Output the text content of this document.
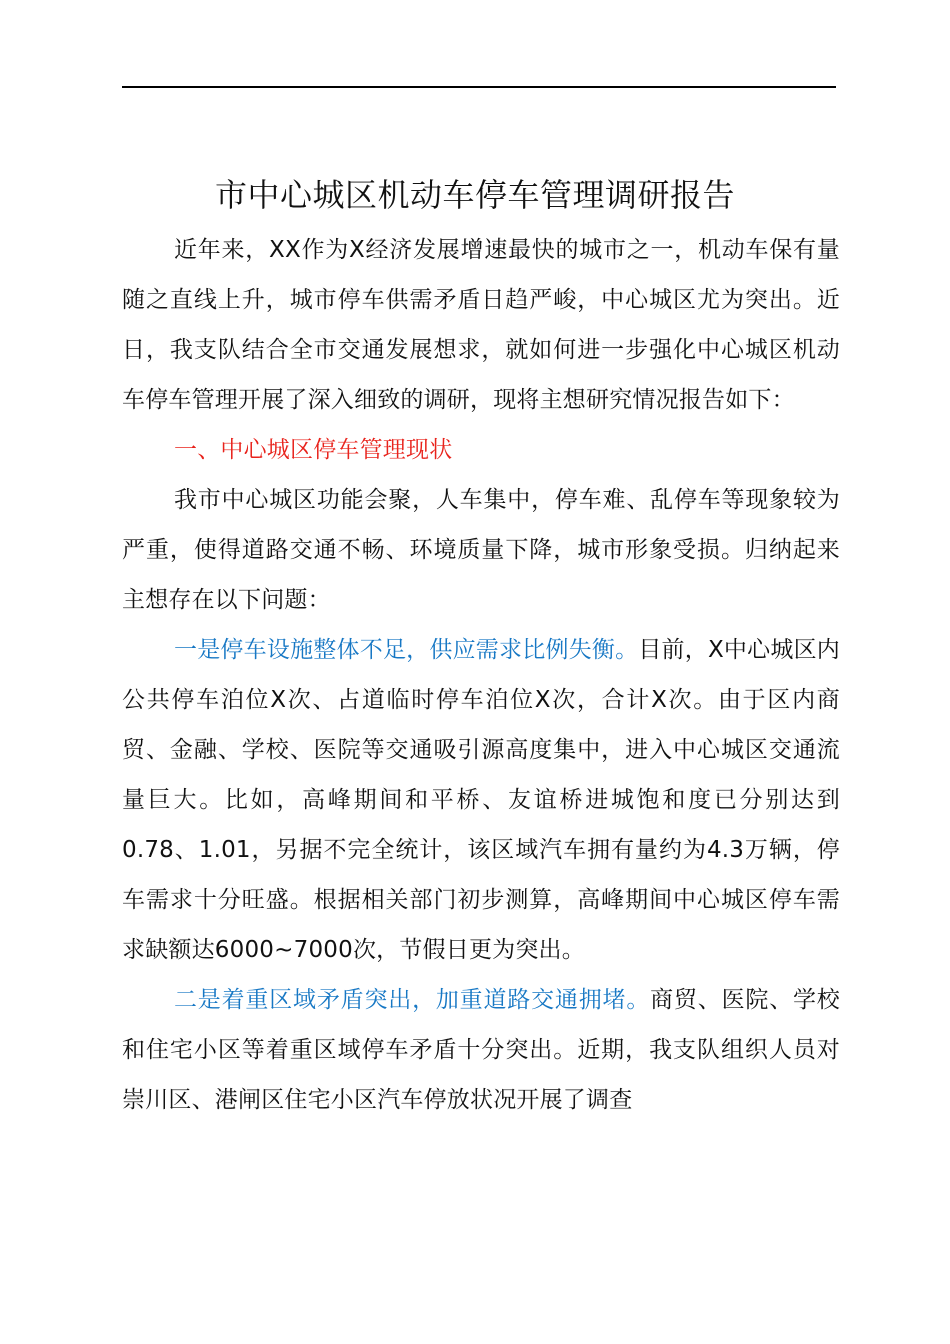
市中心城区机动车停车管理调研报告

近年来，XX作为X经济发展增速最快的城市之一，机动车保有量随之直线上升，城市停车供需矛盾日趋严峻，中心城区尤为突出。近日，我支队结合全市交通发展想求，就如何进一步强化中心城区机动车停车管理开展了深入细致的调研，现将主想研究情况报告如下：

一、中心城区停车管理现状

我市中心城区功能会聚，人车集中，停车难、乱停车等现象较为严重，使得道路交通不畅、环境质量下降，城市形象受损。归纳起来主想存在以下问题：

一是停车设施整体不足，供应需求比例失衡。目前，X中心城区内公共停车泊位X次、占道临时停车泊位X次，合计X次。由于区内商贸、金融、学校、医院等交通吸引源高度集中，进入中心城区交通流量巨大。比如，高峰期间和平桥、友谊桥进城饱和度已分别达到0.78、1.01，另据不完全统计，该区域汽车拥有量约为4.3万辆，停车需求十分旺盛。根据相关部门初步测算，高峰期间中心城区停车需求缺额达6000~7000次，节假日更为突出。

二是着重区域矛盾突出，加重道路交通拥堵。商贸、医院、学校和住宅小区等着重区域停车矛盾十分突出。近期，我支队组织人员对崇川区、港闸区住宅小区汽车停放状况开展了调查
